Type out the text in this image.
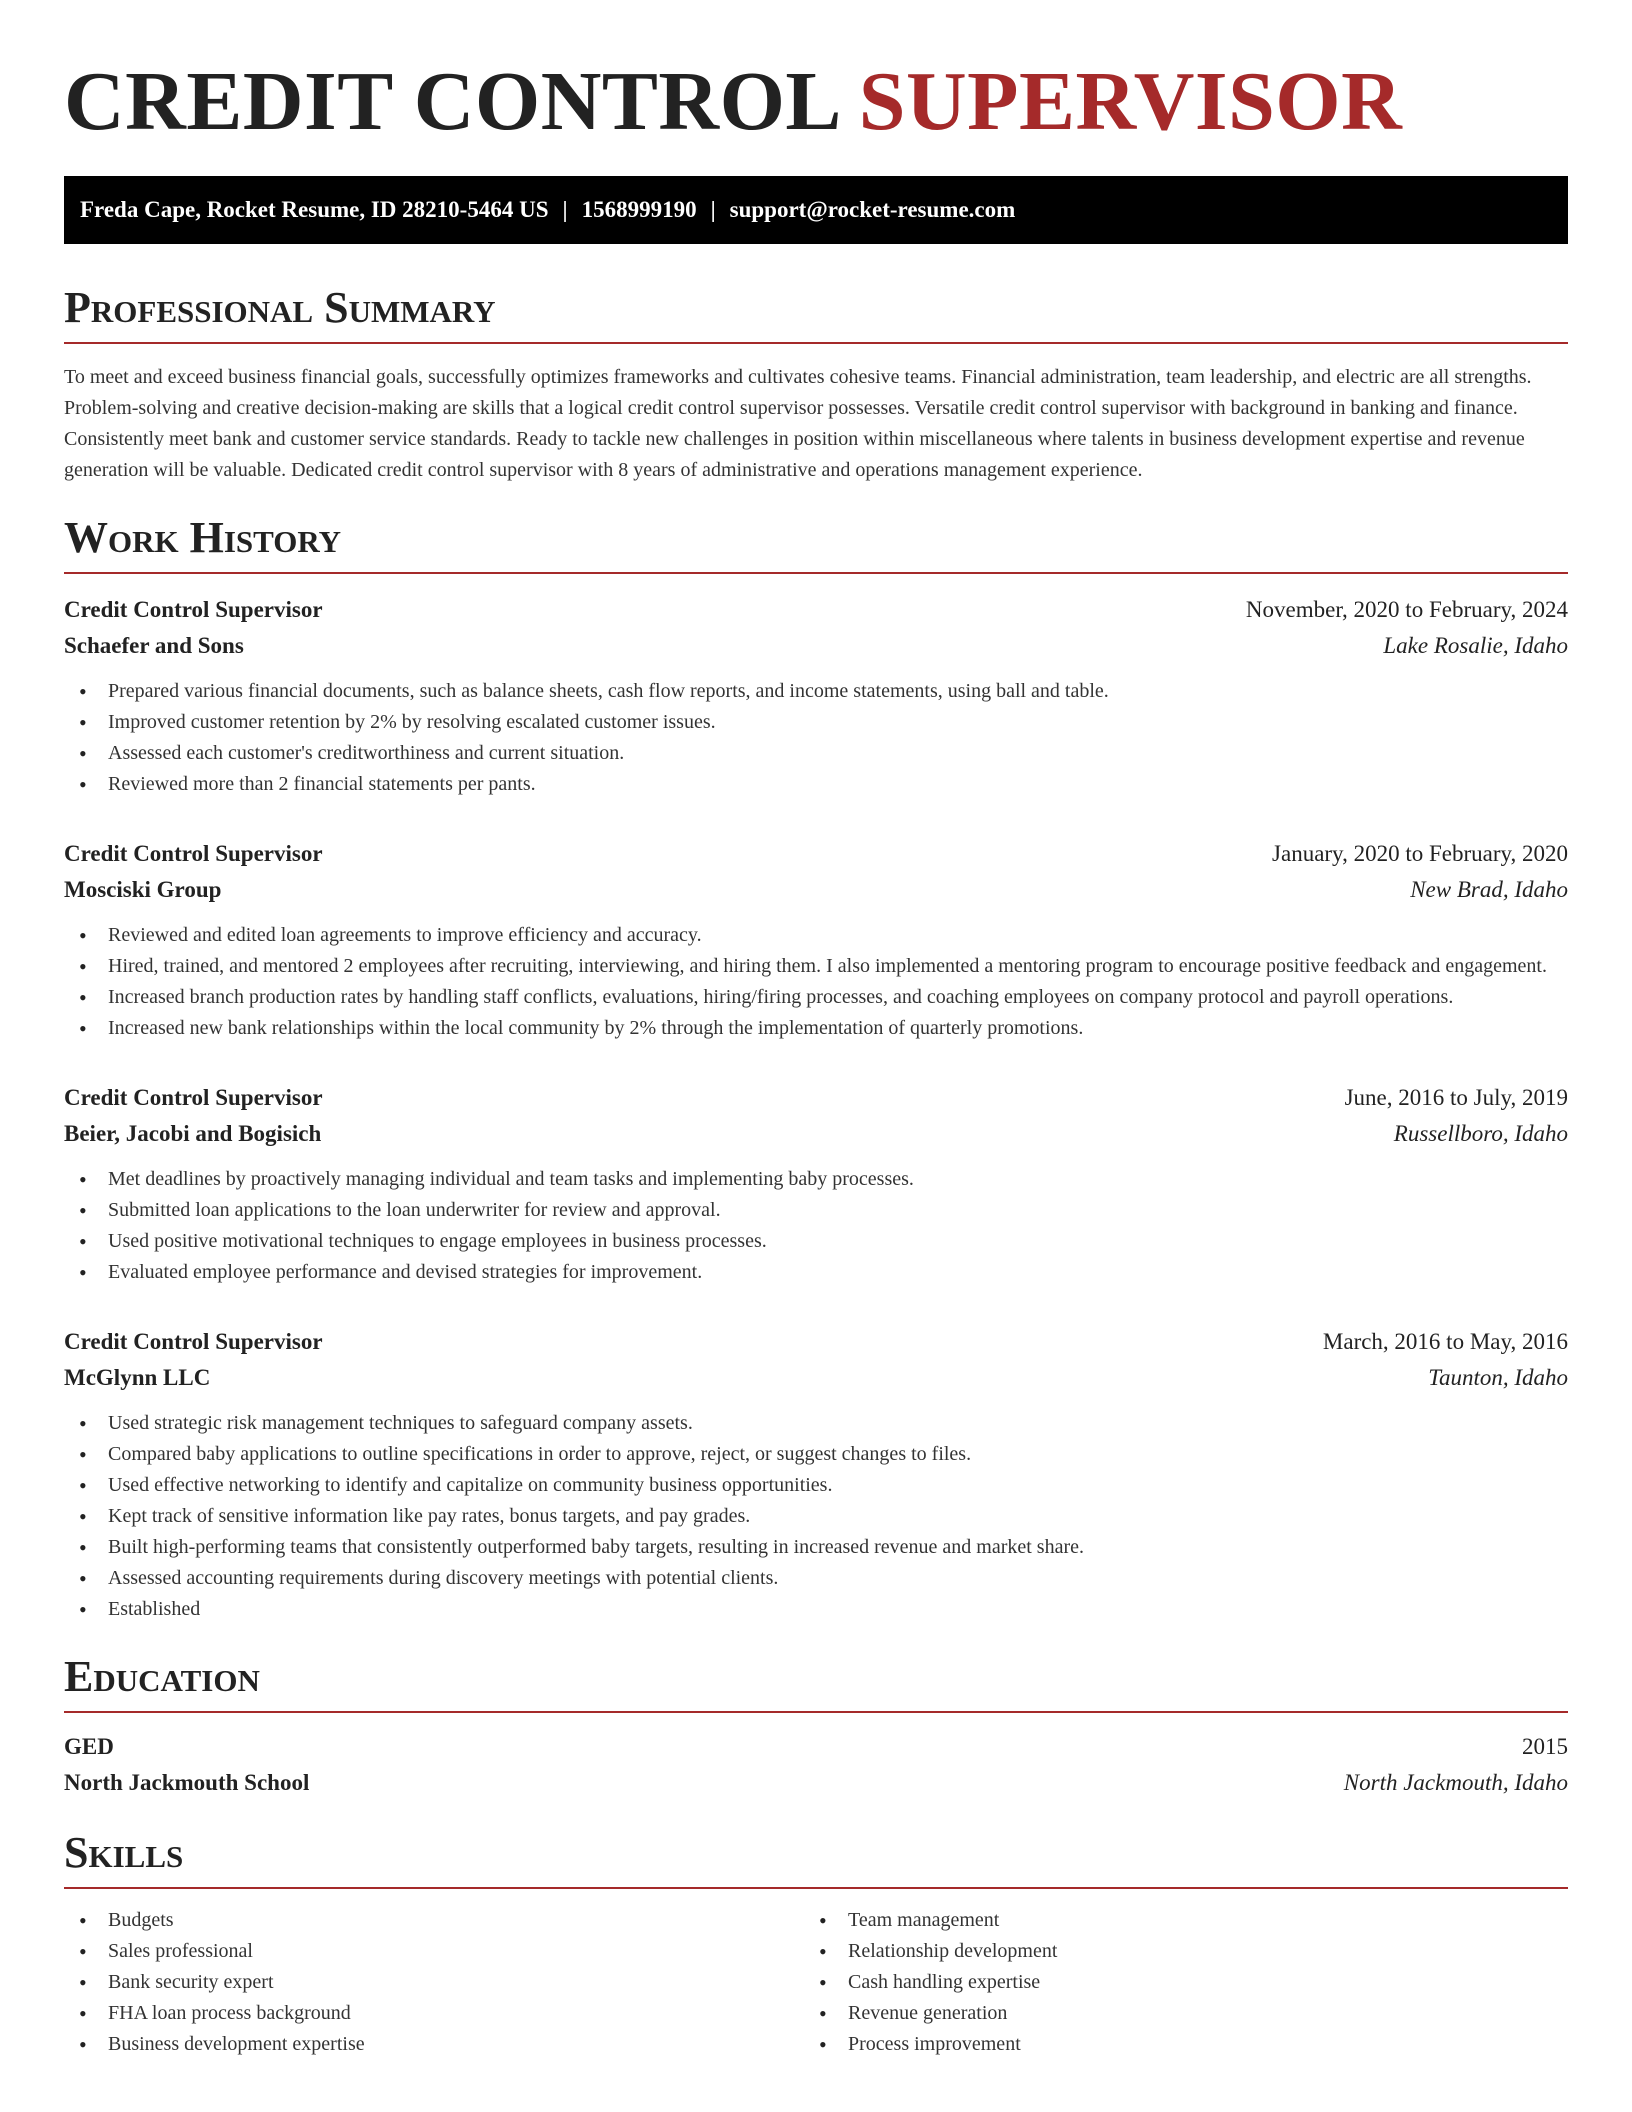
CREDIT CONTROL SUPERVISOR
Freda Cape, Rocket Resume, ID 28210-5464 US | 1568999190 | support@rocket-resume.com
Professional Summary

To meet and exceed business financial goals, successfully optimizes frameworks and cultivates cohesive teams. Financial administration, team leadership, and electric are all strengths. Problem-solving and creative decision-making are skills that a logical credit control supervisor possesses. Versatile credit control supervisor with background in banking and finance. Consistently meet bank and customer service standards. Ready to tackle new challenges in position within miscellaneous where talents in business development expertise and revenue generation will be valuable. Dedicated credit control supervisor with 8 years of administrative and operations management experience.

Work History
Credit Control Supervisor	November, 2020 to February, 2024
Schaefer and Sons	Lake Rosalie, Idaho
• Prepared various financial documents, such as balance sheets, cash flow reports, and income statements, using ball and table.
• Improved customer retention by 2% by resolving escalated customer issues.
• Assessed each customer's creditworthiness and current situation.
• Reviewed more than 2 financial statements per pants.
Credit Control Supervisor	January, 2020 to February, 2020
Mosciski Group	New Brad, Idaho
• Reviewed and edited loan agreements to improve efficiency and accuracy.
• Hired, trained, and mentored 2 employees after recruiting, interviewing, and hiring them. I also implemented a mentoring program to encourage positive feedback and engagement.
• Increased branch production rates by handling staff conflicts, evaluations, hiring/firing processes, and coaching employees on company protocol and payroll operations.
• Increased new bank relationships within the local community by 2% through the implementation of quarterly promotions.
Credit Control Supervisor	June, 2016 to July, 2019
Beier, Jacobi and Bogisich	Russellboro, Idaho
• Met deadlines by proactively managing individual and team tasks and implementing baby processes.
• Submitted loan applications to the loan underwriter for review and approval.
• Used positive motivational techniques to engage employees in business processes.
• Evaluated employee performance and devised strategies for improvement.
Credit Control Supervisor	March, 2016 to May, 2016
McGlynn LLC	Taunton, Idaho
• Used strategic risk management techniques to safeguard company assets.
• Compared baby applications to outline specifications in order to approve, reject, or suggest changes to files.
• Used effective networking to identify and capitalize on community business opportunities.
• Kept track of sensitive information like pay rates, bonus targets, and pay grades.
• Built high-performing teams that consistently outperformed baby targets, resulting in increased revenue and market share.
• Assessed accounting requirements during discovery meetings with potential clients.
• Established
Education
GED	2015
North Jackmouth School	North Jackmouth, Idaho
Skills
• Budgets
• Sales professional
• Bank security expert
• FHA loan process background
• Business development expertise
• Team management
• Relationship development
• Cash handling expertise
• Revenue generation
• Process improvement
